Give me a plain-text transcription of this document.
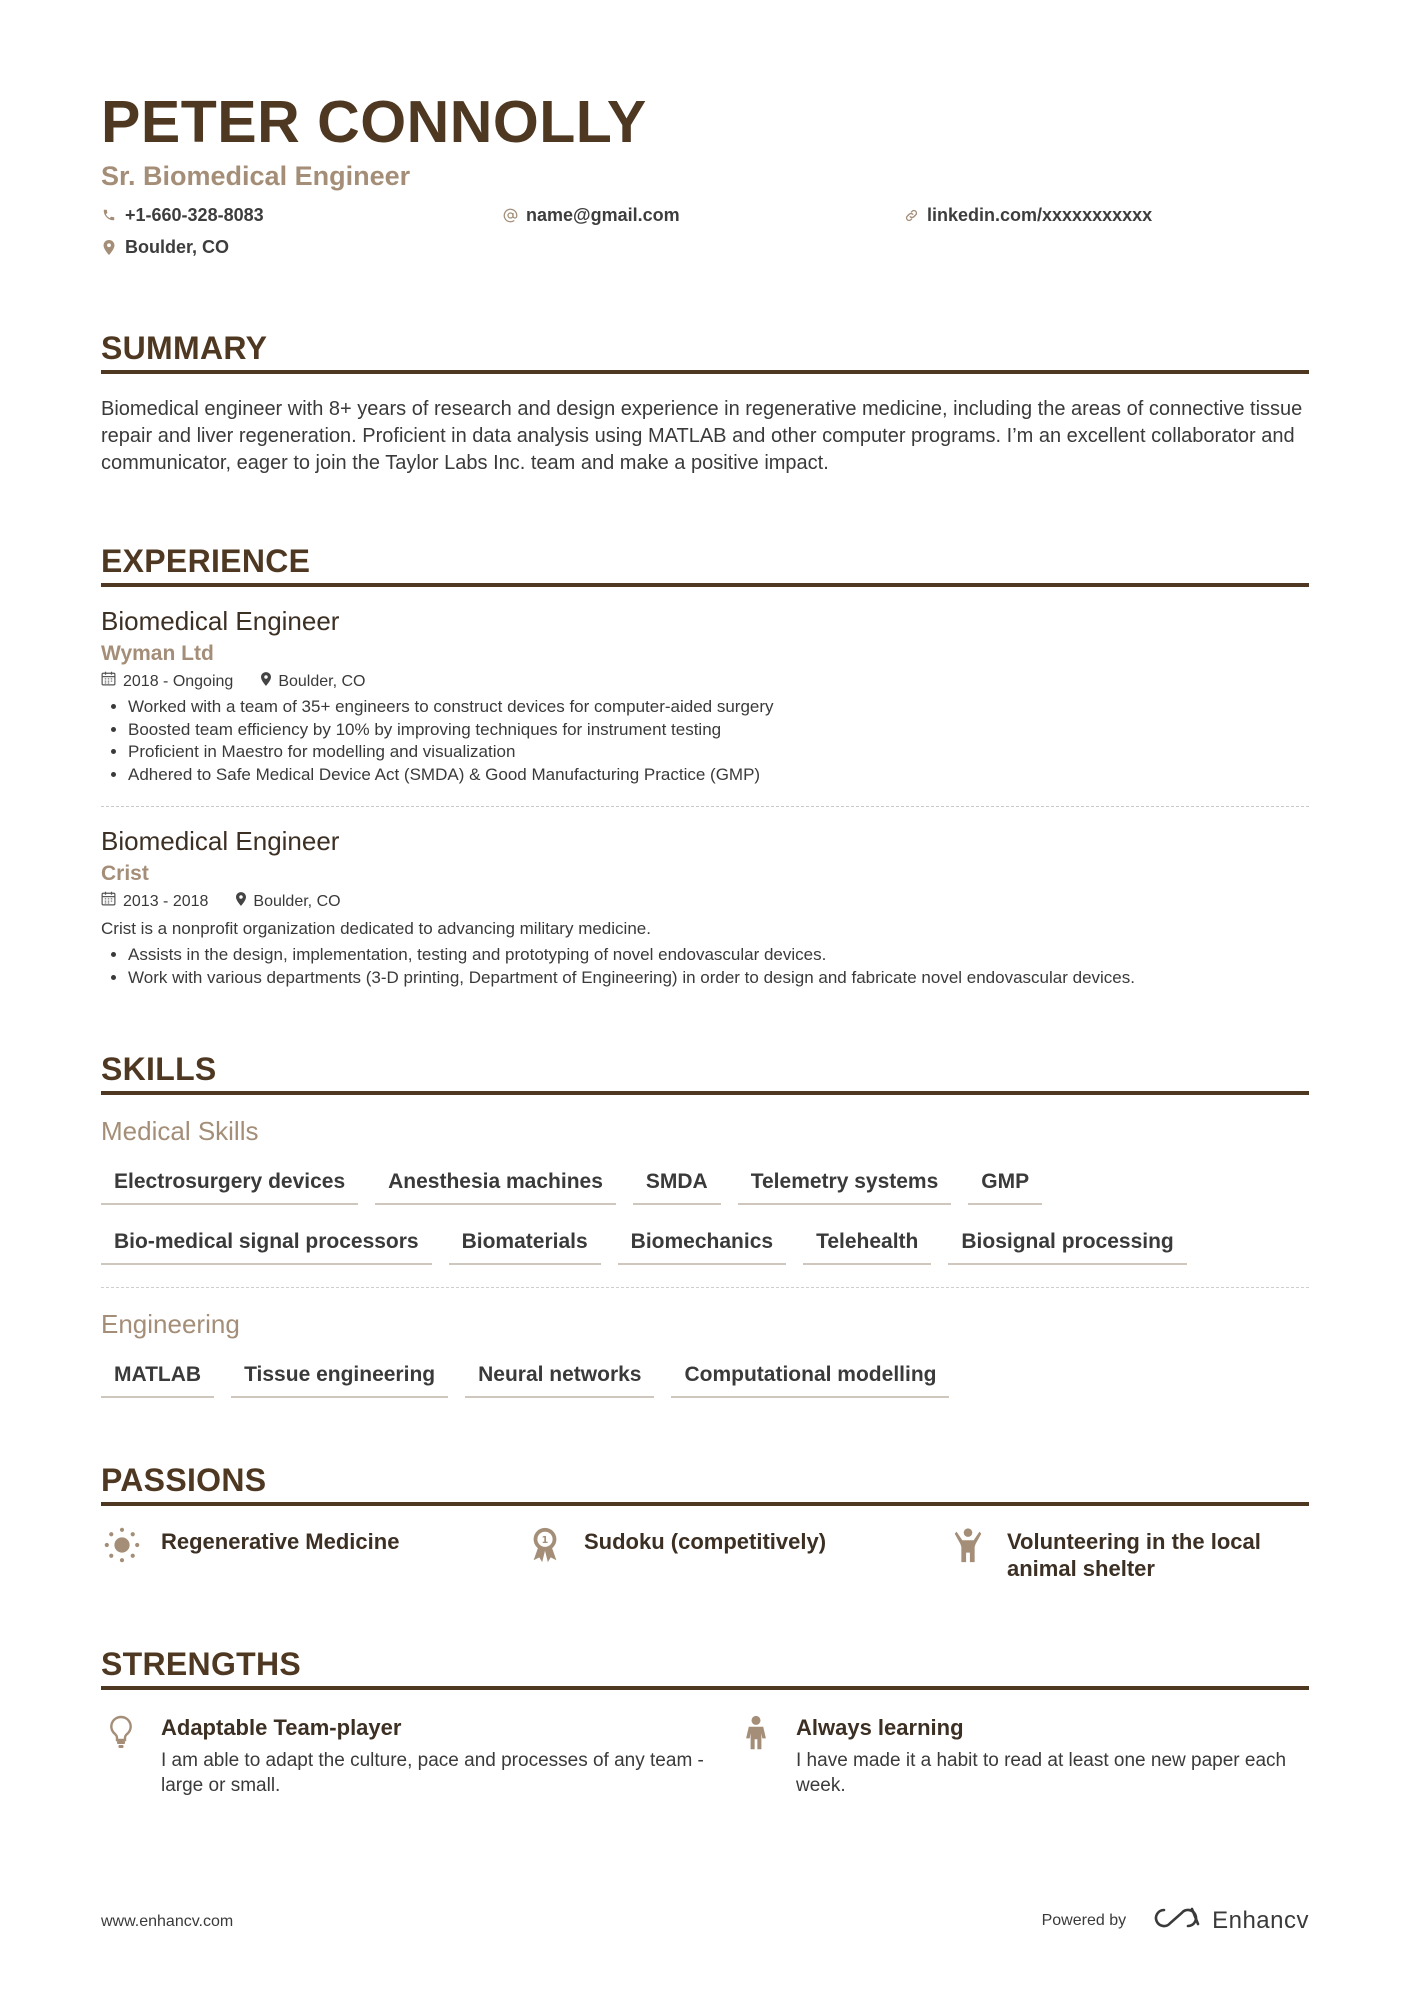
PETER CONNOLLY
Sr. Biomedical Engineer
+1-660-328-8083	name@gmail.com	linkedin.com/xxxxxxxxxxx
Boulder, CO
SUMMARY

Biomedical engineer with 8+ years of research and design experience in regenerative medicine, including the areas of connective tissue repair and liver regeneration. Proficient in data analysis using MATLAB and other computer programs. I’m an excellent collaborator and communicator, eager to join the Taylor Labs Inc. team and make a positive impact.

EXPERIENCE
Biomedical Engineer
Wyman Ltd
2018 - Ongoing	Boulder, CO
• Worked with a team of 35+ engineers to construct devices for computer-aided surgery
• Boosted team efficiency by 10% by improving techniques for instrument testing
• Proficient in Maestro for modelling and visualization
• Adhered to Safe Medical Device Act (SMDA) & Good Manufacturing Practice (GMP)
Biomedical Engineer
Crist
2013 - 2018	Boulder, CO
Crist is a nonprofit organization dedicated to advancing military medicine.
• Assists in the design, implementation, testing and prototyping of novel endovascular devices.
• Work with various departments (3-D printing, Department of Engineering) in order to design and fabricate novel endovascular devices.
SKILLS
Medical Skills
Electrosurgery devices	Anesthesia machines	SMDA	Telemetry systems	GMP
Bio-medical signal processors	Biomaterials	Biomechanics	Telehealth	Biosignal processing
Engineering
MATLAB	Tissue engineering	Neural networks	Computational modelling
PASSIONS
Regenerative Medicine	1 Sudoku (competitively)	Volunteering in the local animal shelter
STRENGTHS
Adaptable Team-player
I am able to adapt the culture, pace and processes of any team - large or small.
Always learning
I have made it a habit to read at least one new paper each week.
www.enhancv.com	Powered by	Enhancv
